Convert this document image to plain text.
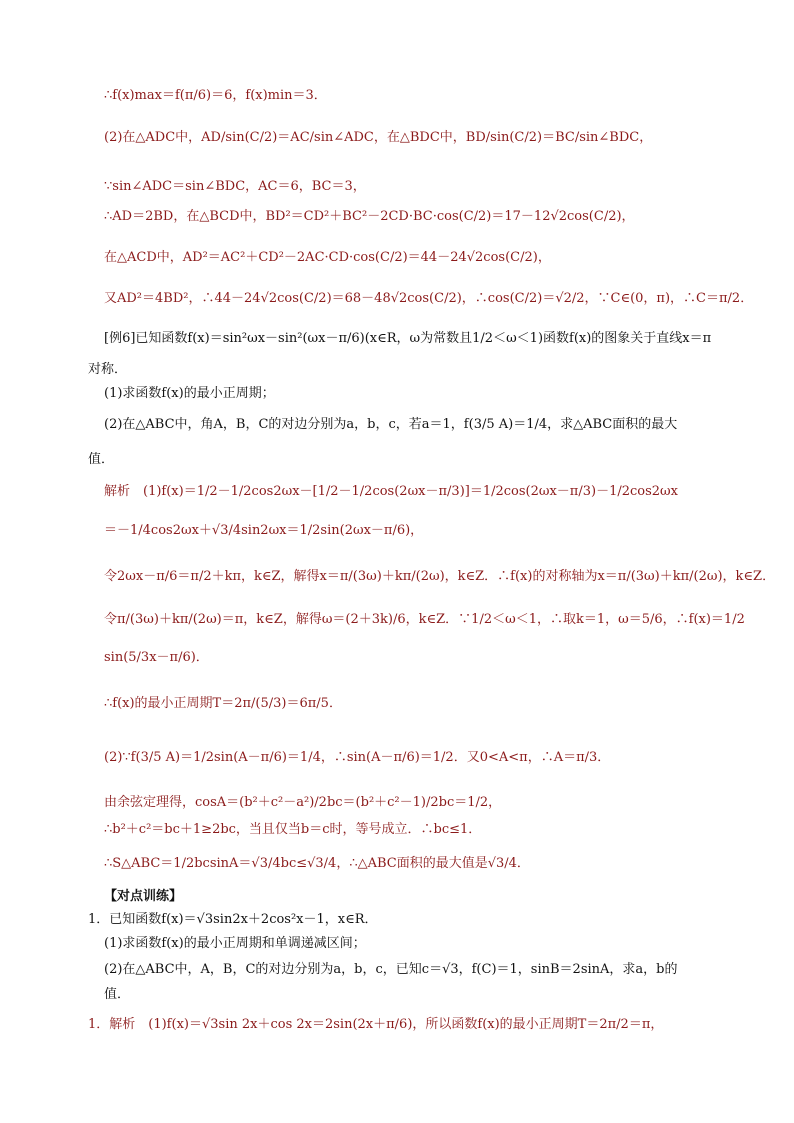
∴f(x)max＝f(π/6)＝6，f(x)min＝3．
(2)在△ADC中，AD/sin(C/2)＝AC/sin∠ADC，在△BDC中，BD/sin(C/2)＝BC/sin∠BDC，
∵sin∠ADC＝sin∠BDC，AC＝6，BC＝3，
∴AD＝2BD，在△BCD中，BD²＝CD²＋BC²－2CD·BC·cos(C/2)＝17－12√2cos(C/2)，
在△ACD中，AD²＝AC²＋CD²－2AC·CD·cos(C/2)＝44－24√2cos(C/2)，
又AD²＝4BD²，∴44－24√2cos(C/2)＝68－48√2cos(C/2)，∴cos(C/2)＝√2/2，∵C∈(0，π)，∴C＝π/2．
[例6]已知函数f(x)＝sin²ωx－sin²(ωx－π/6)(x∈R，ω为常数且1/2＜ω＜1)函数f(x)的图象关于直线x＝π
对称．
(1)求函数f(x)的最小正周期；
(2)在△ABC中，角A，B，C的对边分别为a，b，c，若a＝1，f(3/5 A)＝1/4，求△ABC面积的最大
值．
解析　(1)f(x)＝1/2－1/2cos2ωx－[1/2－1/2cos(2ωx－π/3)]＝1/2cos(2ωx－π/3)－1/2cos2ωx
＝－1/4cos2ωx＋√3/4sin2ωx＝1/2sin(2ωx－π/6)，
令2ωx－π/6＝π/2＋kπ，k∈Z，解得x＝π/(3ω)＋kπ/(2ω)，k∈Z．∴f(x)的对称轴为x＝π/(3ω)＋kπ/(2ω)，k∈Z．
令π/(3ω)＋kπ/(2ω)＝π，k∈Z，解得ω＝(2＋3k)/6，k∈Z．∵1/2＜ω＜1，∴取k＝1，ω＝5/6，∴f(x)＝1/2
sin(5/3x－π/6)．
∴f(x)的最小正周期T＝2π/(5/3)＝6π/5．
(2)∵f(3/5 A)＝1/2sin(A－π/6)＝1/4，∴sin(A－π/6)＝1/2．又0<A<π，∴A＝π/3．
由余弦定理得，cosA＝(b²＋c²－a²)/2bc＝(b²＋c²－1)/2bc＝1/2，
∴b²＋c²＝bc＋1≥2bc，当且仅当b＝c时，等号成立．∴bc≤1．
∴S△ABC＝1/2bcsinA＝√3/4bc≤√3/4，∴△ABC面积的最大值是√3/4．
【对点训练】
1．已知函数f(x)＝√3sin2x＋2cos²x－1，x∈R．
(1)求函数f(x)的最小正周期和单调递减区间；
(2)在△ABC中，A，B，C的对边分别为a，b，c，已知c＝√3，f(C)＝1，sinB＝2sinA，求a，b的
值．
1．解析　(1)f(x)＝√3sin 2x＋cos 2x＝2sin(2x＋π/6)，所以函数f(x)的最小正周期T＝2π/2＝π，
